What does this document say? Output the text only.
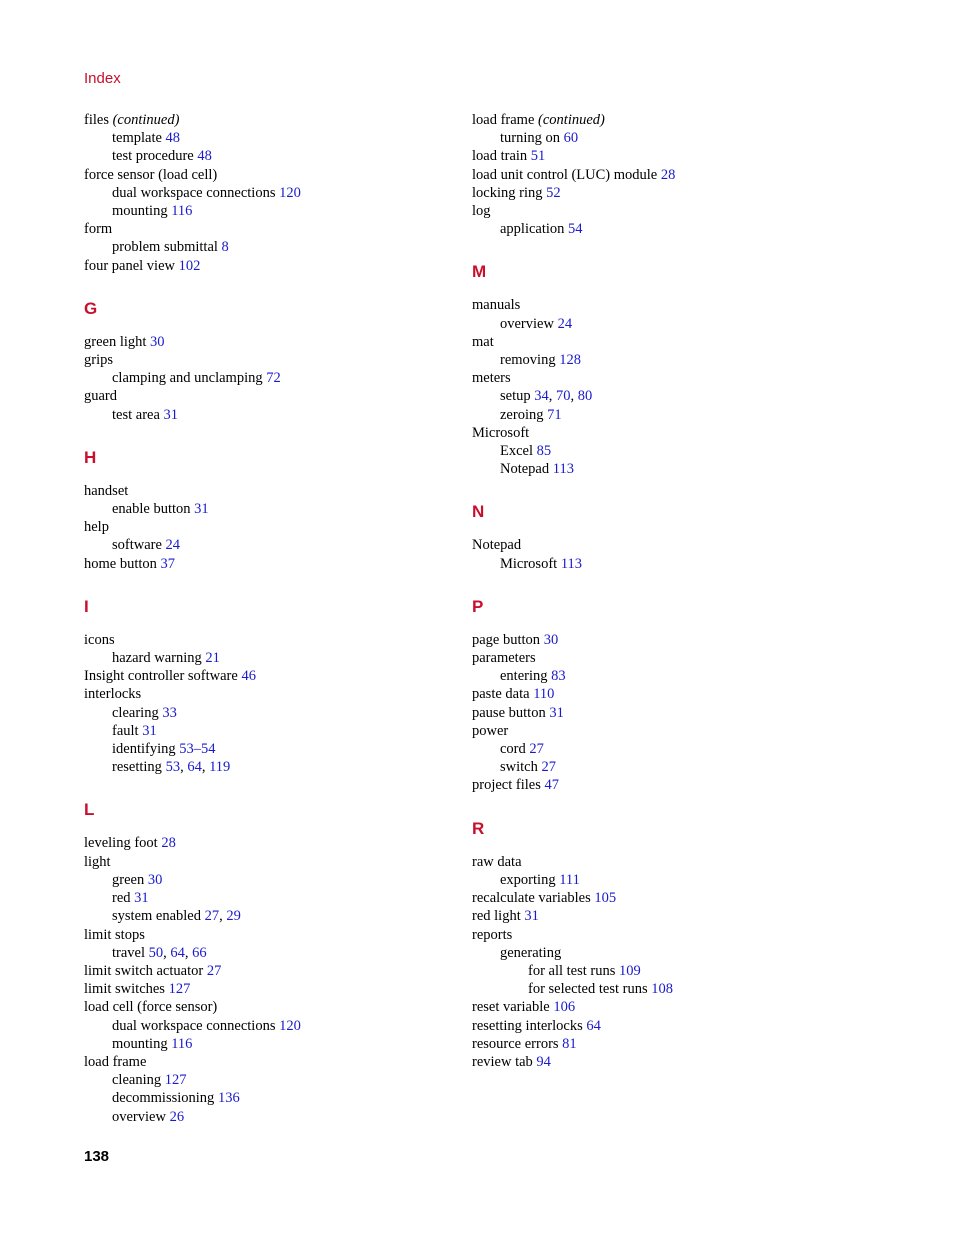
Index
files (continued)
template 48
test procedure 48
force sensor (load cell)
dual workspace connections 120
mounting 116
form
problem submittal 8
four panel view 102
G
green light 30
grips
clamping and unclamping 72
guard
test area 31
H
handset
enable button 31
help
software 24
home button 37
I
icons
hazard warning 21
Insight controller software 46
interlocks
clearing 33
fault 31
identifying 53–54
resetting 53, 64, 119
L
leveling foot 28
light
green 30
red 31
system enabled 27, 29
limit stops
travel 50, 64, 66
limit switch actuator 27
limit switches 127
load cell (force sensor)
dual workspace connections 120
mounting 116
load frame
cleaning 127
decommissioning 136
overview 26
load frame (continued)
turning on 60
load train 51
load unit control (LUC) module 28
locking ring 52
log
application 54
M
manuals
overview 24
mat
removing 128
meters
setup 34, 70, 80
zeroing 71
Microsoft
Excel 85
Notepad 113
N
Notepad
Microsoft 113
P
page button 30
parameters
entering 83
paste data 110
pause button 31
power
cord 27
switch 27
project files 47
R
raw data
exporting 111
recalculate variables 105
red light 31
reports
generating
for all test runs 109
for selected test runs 108
reset variable 106
resetting interlocks 64
resource errors 81
review tab 94
138
